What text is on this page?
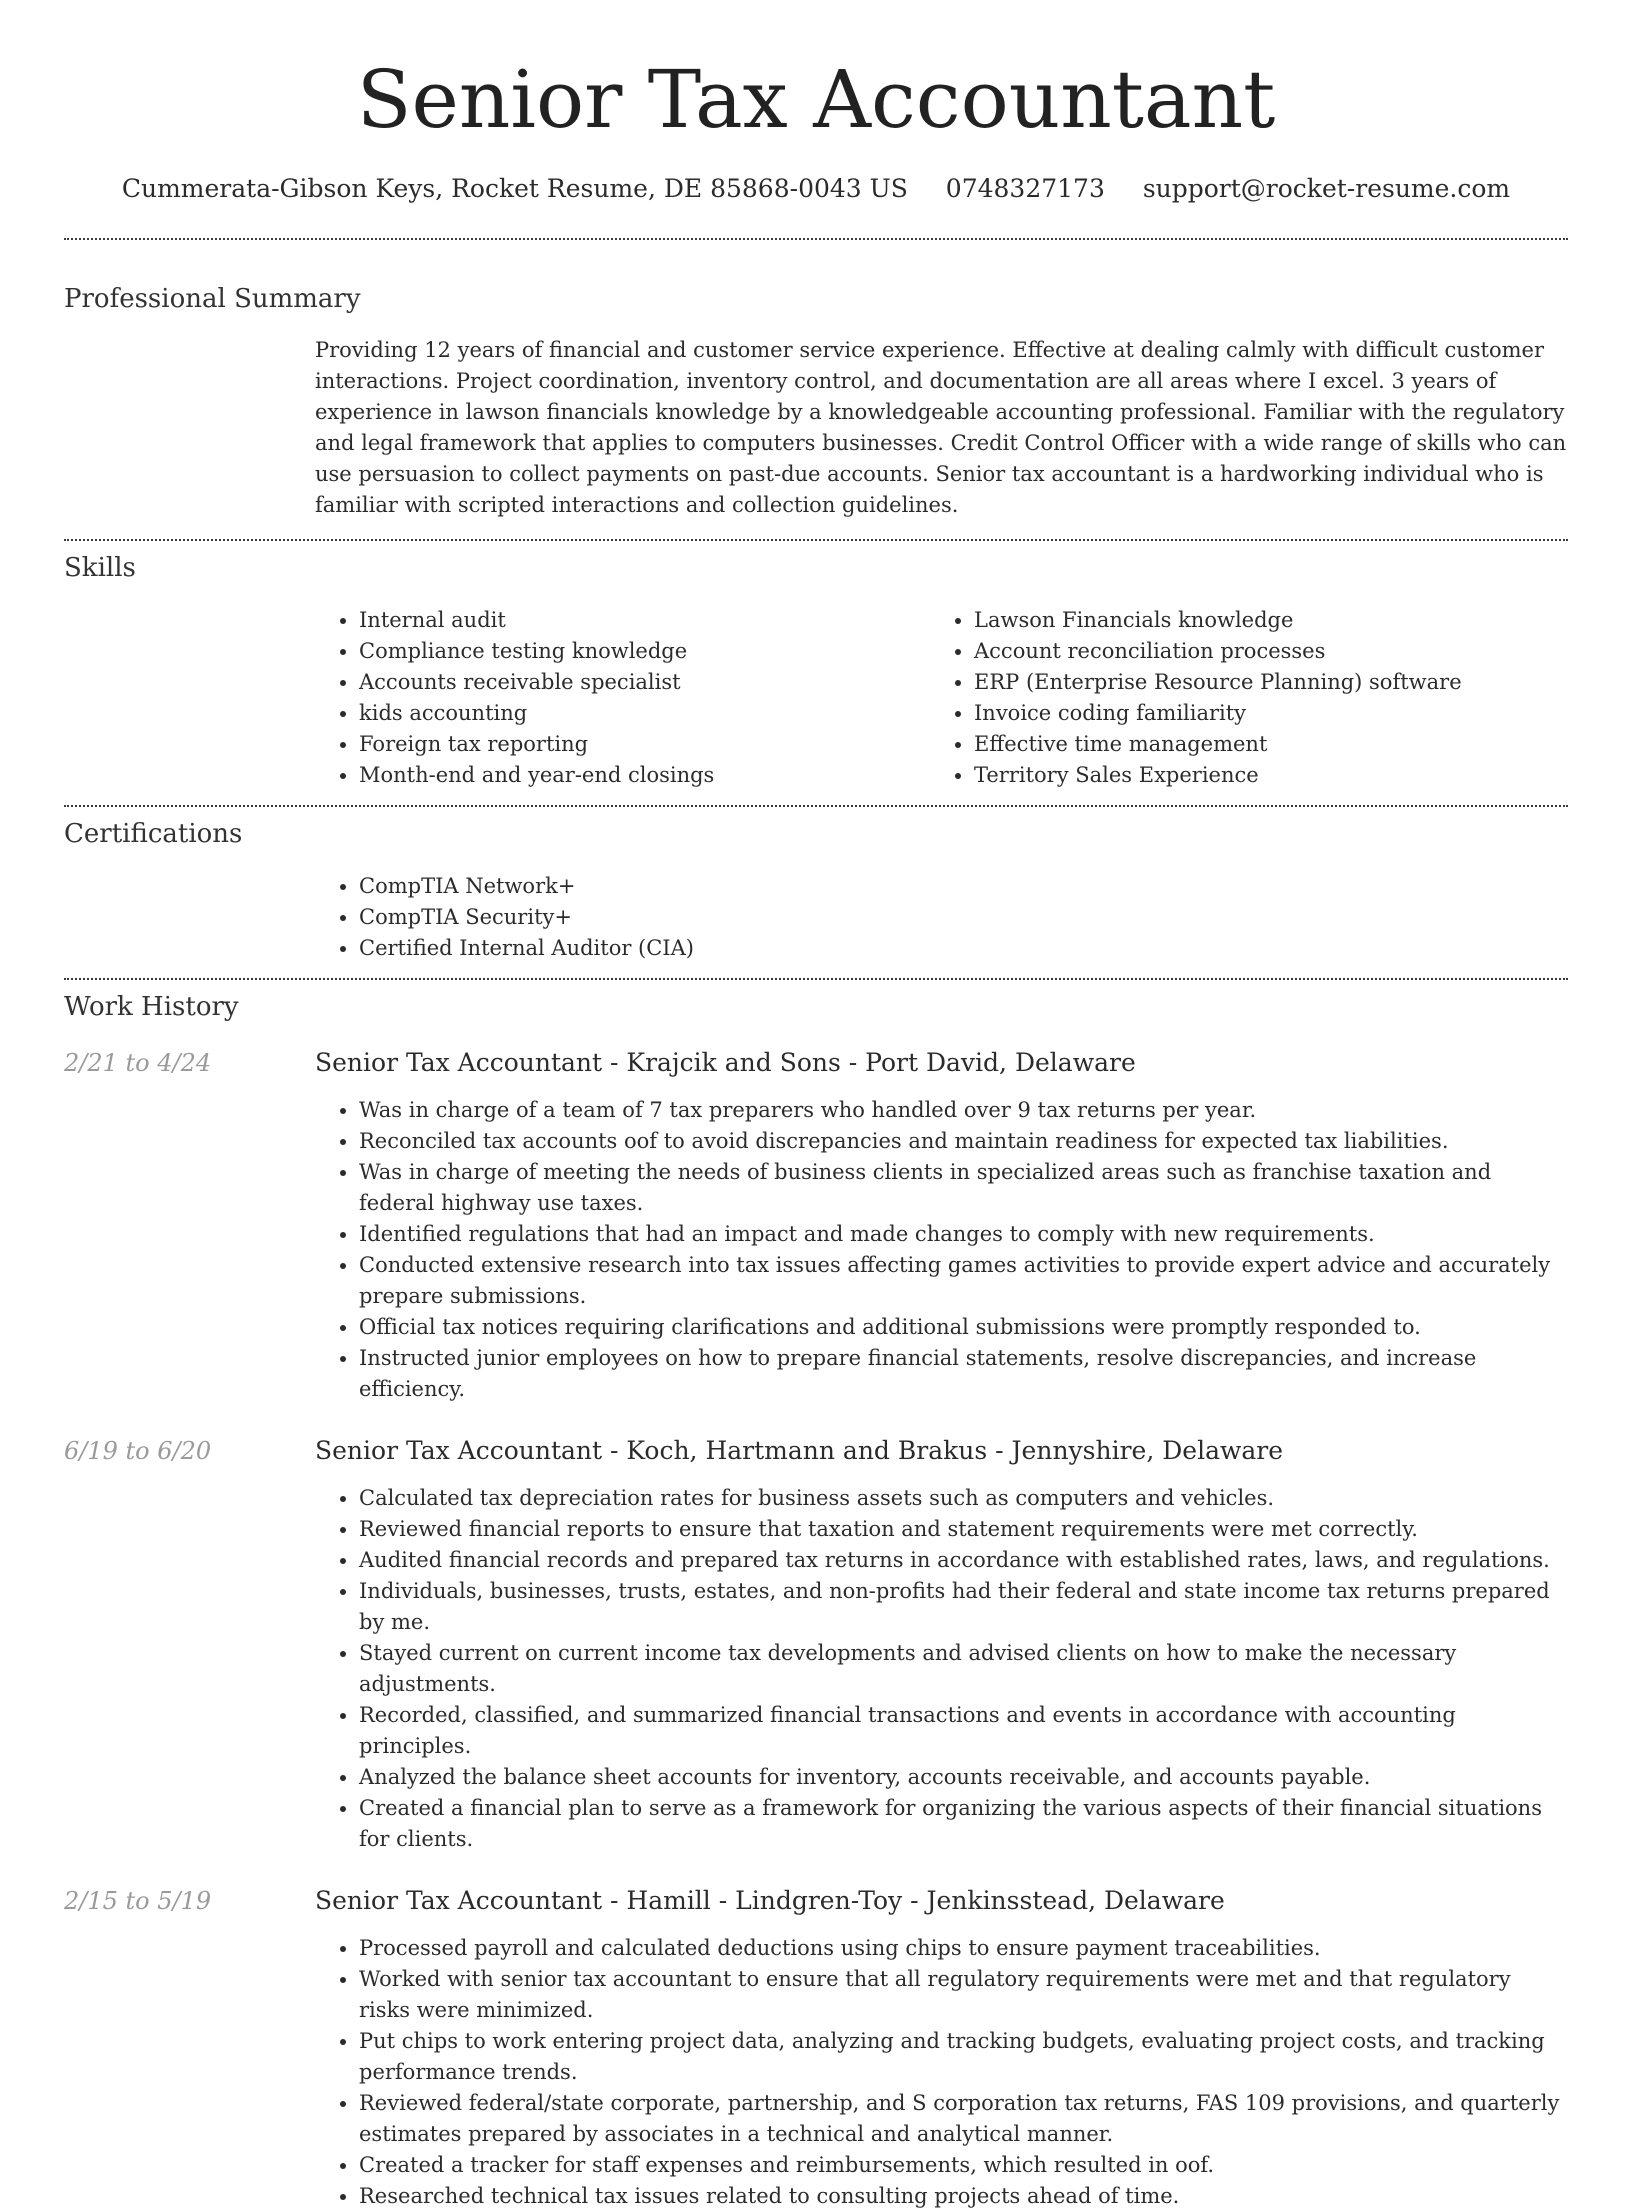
Senior Tax Accountant
Cummerata-Gibson Keys, Rocket Resume, DE 85868-0043 US 0748327173 support@rocket-resume.com
Professional Summary

Providing 12 years of financial and customer service experience. Effective at dealing calmly with difficult customer interactions. Project coordination, inventory control, and documentation are all areas where I excel. 3 years of experience in lawson financials knowledge by a knowledgeable accounting professional. Familiar with the regulatory and legal framework that applies to computers businesses. Credit Control Officer with a wide range of skills who can use persuasion to collect payments on past-due accounts. Senior tax accountant is a hardworking individual who is familiar with scripted interactions and collection guidelines.

Skills
• Internal audit
• Compliance testing knowledge
• Accounts receivable specialist
• kids accounting
• Foreign tax reporting
• Month-end and year-end closings
• Lawson Financials knowledge
• Account reconciliation processes
• ERP (Enterprise Resource Planning) software
• Invoice coding familiarity
• Effective time management
• Territory Sales Experience
Certifications
• CompTIA Network+
• CompTIA Security+
• Certified Internal Auditor (CIA)
Work History
2/21 to 4/24	Senior Tax Accountant - Krajcik and Sons - Port David, Delaware

• Was in charge of a team of 7 tax preparers who handled over 9 tax returns per year.
• Reconciled tax accounts oof to avoid discrepancies and maintain readiness for expected tax liabilities.
• Was in charge of meeting the needs of business clients in specialized areas such as franchise taxation and federal highway use taxes.
• Identified regulations that had an impact and made changes to comply with new requirements.
• Conducted extensive research into tax issues affecting games activities to provide expert advice and accurately prepare submissions.
• Official tax notices requiring clarifications and additional submissions were promptly responded to.
• Instructed junior employees on how to prepare financial statements, resolve discrepancies, and increase efficiency.
6/19 to 6/20	Senior Tax Accountant - Koch, Hartmann and Brakus - Jennyshire, Delaware

• Calculated tax depreciation rates for business assets such as computers and vehicles.
• Reviewed financial reports to ensure that taxation and statement requirements were met correctly.
• Audited financial records and prepared tax returns in accordance with established rates, laws, and regulations.
• Individuals, businesses, trusts, estates, and non-profits had their federal and state income tax returns prepared by me.
• Stayed current on current income tax developments and advised clients on how to make the necessary adjustments.
• Recorded, classified, and summarized financial transactions and events in accordance with accounting principles.
• Analyzed the balance sheet accounts for inventory, accounts receivable, and accounts payable.
• Created a financial plan to serve as a framework for organizing the various aspects of their financial situations for clients.
2/15 to 5/19	Senior Tax Accountant - Hamill - Lindgren-Toy - Jenkinsstead, Delaware

• Processed payroll and calculated deductions using chips to ensure payment traceabilities.
• Worked with senior tax accountant to ensure that all regulatory requirements were met and that regulatory risks were minimized.
• Put chips to work entering project data, analyzing and tracking budgets, evaluating project costs, and tracking performance trends.
• Reviewed federal/state corporate, partnership, and S corporation tax returns, FAS 109 provisions, and quarterly estimates prepared by associates in a technical and analytical manner.
• Created a tracker for staff expenses and reimbursements, which resulted in oof.
• Researched technical tax issues related to consulting projects ahead of time.
